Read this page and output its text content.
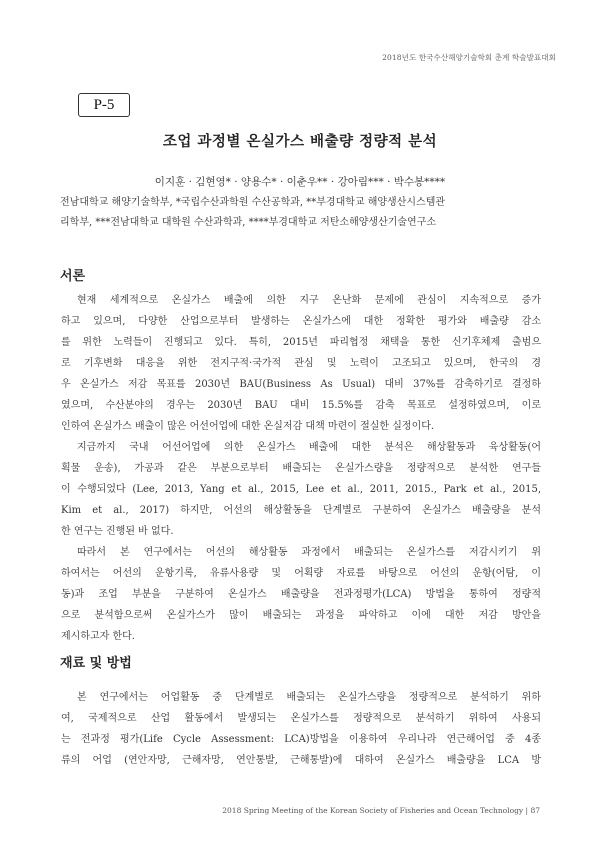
2018년도 한국수산해양기술학회 춘계 학술발표대회
P-5
조업 과정별 온실가스 배출량 정량적 분석
이지훈 · 김현영* · 양용수* · 이춘우** · 강아림*** · 박수봉****
전남대학교 해양기술학부, *국립수산과학원 수산공학과, **부경대학교 해양생산시스템관
리학부, ***전남대학교 대학원 수산과학과, ****부경대학교 저탄소해양생산기술연구소
서론
현재 세계적으로 온실가스 배출에 의한 지구 온난화 문제에 관심이 지속적으로 증가
하고 있으며, 다양한 산업으로부터 발생하는 온실가스에 대한 정확한 평가와 배출량 감소
를 위한 노력들이 진행되고 있다. 특히, 2015년 파리협정 채택을 통한 신기후체제 출범으
로 기후변화 대응을 위한 전지구적·국가적 관심 및 노력이 고조되고 있으며, 한국의 경
우 온실가스 저감 목표를 2030년 BAU(Business As Usual) 대비 37%를 감축하기로 결정하
였으며, 수산분야의 경우는 2030년 BAU 대비 15.5%를 감축 목표로 설정하였으며, 이로
인하여 온실가스 배출이 많은 어선어업에 대한 온실저감 대책 마련이 절실한 실정이다.
지금까지 국내 어선어업에 의한 온실가스 배출에 대한 분석은 해상활동과 육상활동(어
획물 운송), 가공과 같은 부분으로부터 배출되는 온실가스량을 정량적으로 분석한 연구들
이 수행되었다 (Lee, 2013, Yang et al., 2015, Lee et al., 2011, 2015., Park et al., 2015,
Kim et al., 2017) 하지만, 어선의 해상활동을 단계별로 구분하여 온실가스 배출량을 분석
한 연구는 진행된 바 없다.
따라서 본 연구에서는 어선의 해상활동 과정에서 배출되는 온실가스를 저감시키기 위
하여서는 어선의 운항기록, 유류사용량 및 어획량 자료를 바탕으로 어선의 운항(어탐, 이
동)과 조업 부분을 구분하여 온실가스 배출량을 전과정평가(LCA) 방법을 통하여 정량적
으로 분석함으로써 온실가스가 많이 배출되는 과정을 파악하고 이에 대한 저감 방안을
제시하고자 한다.
재료 및 방법
본 연구에서는 어업활동 중 단계별로 배출되는 온실가스량을 정량적으로 분석하기 위하
여, 국제적으로 산업 활동에서 발생되는 온실가스를 정량적으로 분석하기 위하여 사용되
는 전과정 평가(Life Cycle Assessment: LCA)방법을 이용하여 우리나라 연근해어업 중 4종
류의 어업 (연안자망, 근해자망, 연안통발, 근해통발)에 대하여 온실가스 배출량을 LCA 방
2018 Spring Meeting of the Korean Society of Fisheries and Ocean Technology | 87
